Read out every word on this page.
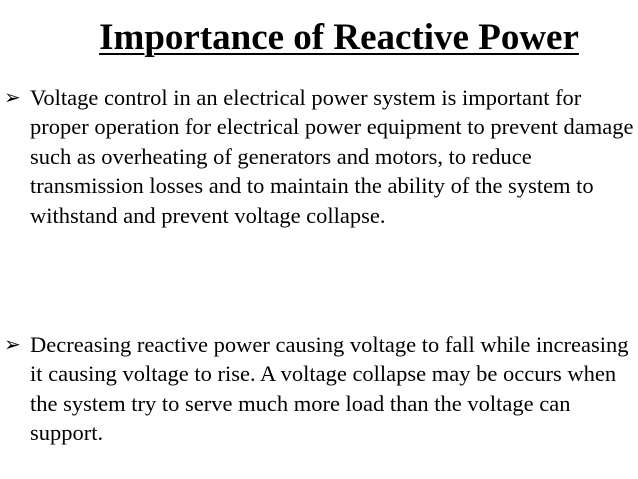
Importance of Reactive Power
➢ Voltage control in an electrical power system is important for proper operation for electrical power equipment to prevent damage such as overheating of generators and motors, to reduce transmission losses and to maintain the ability of the system to withstand and prevent voltage collapse.
➢ Decreasing reactive power causing voltage to fall while increasing it causing voltage to rise. A voltage collapse may be occurs when the system try to serve much more load than the voltage can support.
